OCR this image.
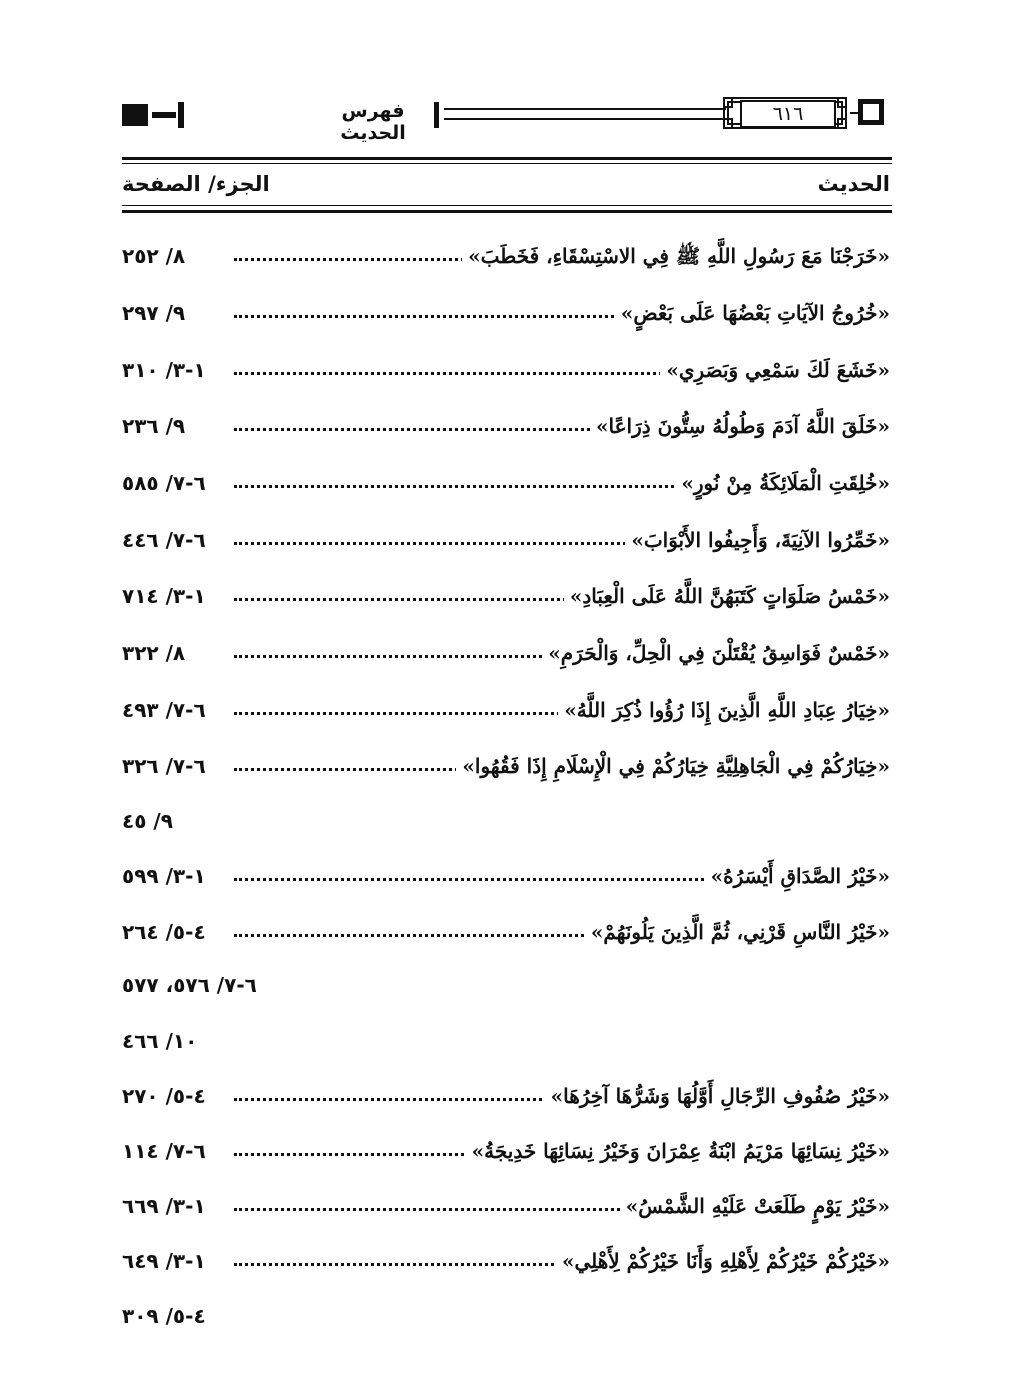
فهرس الحديث
٦١٦
الحديث
الجزء/ الصفحة
«خَرَجْنَا مَعَ رَسُولِ اللَّهِ ﷺ فِي الاسْتِسْقَاءِ، فَخَطَبَ»
٨/ ٢٥٢
«خُرُوجُ الآيَاتِ بَعْضُهَا عَلَى بَعْضٍ»
٩/ ٢٩٧
«خَشَعَ لَكَ سَمْعِي وَبَصَرِي»
١-٣/ ٣١٠
«خَلَقَ اللَّهُ آدَمَ وَطُولُهُ سِتُّونَ ذِرَاعًا»
٩/ ٢٣٦
«خُلِقَتِ الْمَلَائِكَةُ مِنْ نُورٍ»
٦-٧/ ٥٨٥
«خَمِّرُوا الآنِيَةَ، وَأَجِيفُوا الأَبْوَابَ»
٦-٧/ ٤٤٦
«خَمْسُ صَلَوَاتٍ كَتَبَهُنَّ اللَّهُ عَلَى الْعِبَادِ»
١-٣/ ٧١٤
«خَمْسٌ فَوَاسِقُ يُقْتَلْنَ فِي الْحِلِّ، وَالْحَرَمِ»
٨/ ٣٢٢
«خِيَارُ عِبَادِ اللَّهِ الَّذِينَ إِذَا رُؤُوا ذُكِرَ اللَّهُ»
٦-٧/ ٤٩٣
«خِيَارُكُمْ فِي الْجَاهِلِيَّةِ خِيَارُكُمْ فِي الْإِسْلَامِ إِذَا فَقُهُوا»
٦-٧/ ٣٢٦
٩/ ٤٥
«خَيْرُ الصَّدَاقِ أَيْسَرُهُ»
١-٣/ ٥٩٩
«خَيْرُ النَّاسِ قَرْنِي، ثُمَّ الَّذِينَ يَلُونَهُمْ»
٤-٥/ ٢٦٤
٦-٧/ ٥٧٦، ٥٧٧
١٠/ ٤٦٦
«خَيْرُ صُفُوفِ الرِّجَالِ أَوَّلُهَا وَشَرُّهَا آخِرُهَا»
٤-٥/ ٢٧٠
«خَيْرُ نِسَائِهَا مَرْيَمُ ابْنَةُ عِمْرَانَ وَخَيْرُ نِسَائِهَا خَدِيجَةُ»
٦-٧/ ١١٤
«خَيْرُ يَوْمٍ طَلَعَتْ عَلَيْهِ الشَّمْسُ»
١-٣/ ٦٦٩
«خَيْرُكُمْ خَيْرُكُمْ لِأَهْلِهِ وَأَنَا خَيْرُكُمْ لِأَهْلِي»
١-٣/ ٦٤٩
٤-٥/ ٣٠٩
